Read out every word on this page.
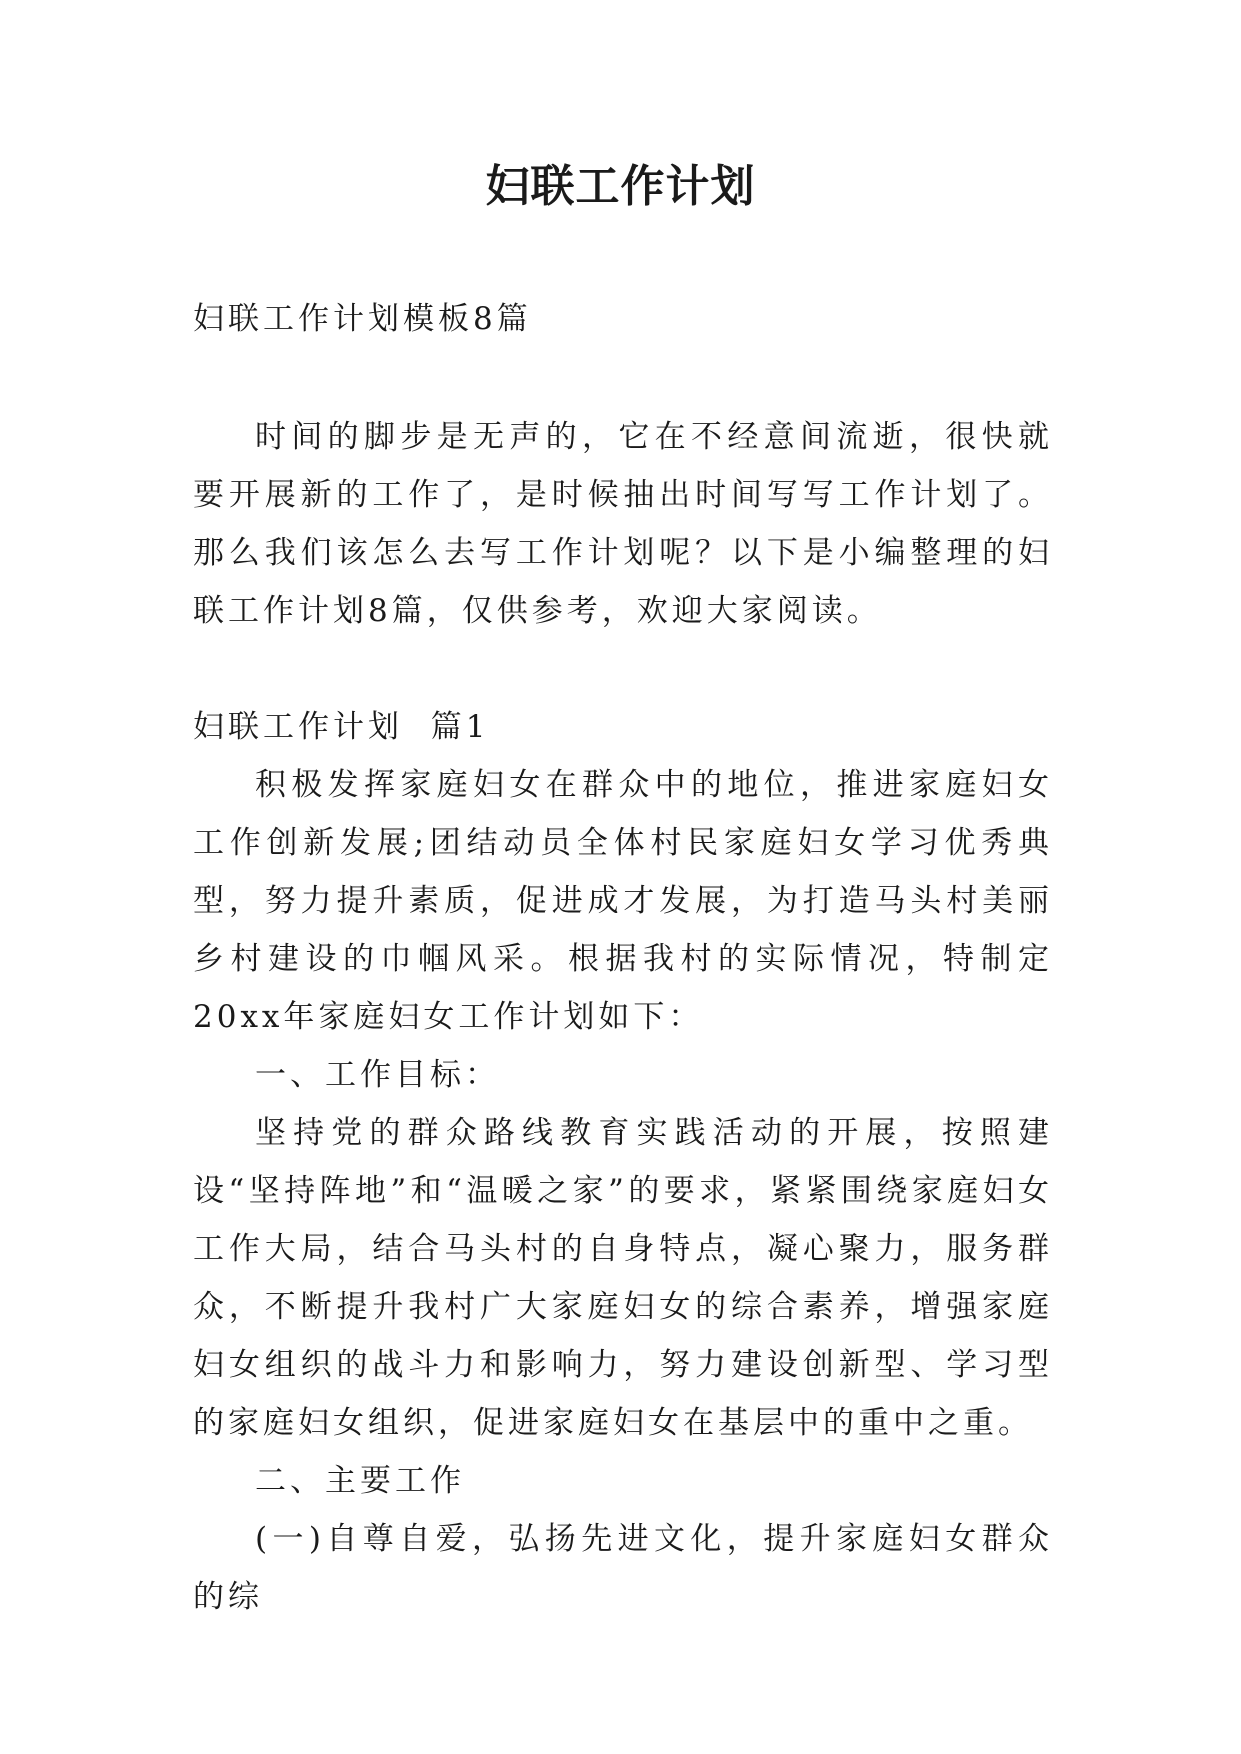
妇联工作计划

妇联工作计划模板8篇

时间的脚步是无声的，它在不经意间流逝，很快就要开展新的工作了，是时候抽出时间写写工作计划了。那么我们该怎么去写工作计划呢？以下是小编整理的妇联工作计划8篇，仅供参考，欢迎大家阅读。

妇联工作计划  篇1

积极发挥家庭妇女在群众中的地位，推进家庭妇女工作创新发展;团结动员全体村民家庭妇女学习优秀典型，努力提升素质，促进成才发展，为打造马头村美丽乡村建设的巾帼风采。根据我村的实际情况，特制定20xx年家庭妇女工作计划如下：

一、工作目标：

坚持党的群众路线教育实践活动的开展，按照建设“坚持阵地”和“温暖之家”的要求，紧紧围绕家庭妇女工作大局，结合马头村的自身特点，凝心聚力，服务群众，不断提升我村广大家庭妇女的综合素养，增强家庭妇女组织的战斗力和影响力，努力建设创新型、学习型的家庭妇女组织，促进家庭妇女在基层中的重中之重。

二、主要工作

(一)自尊自爱，弘扬先进文化，提升家庭妇女群众的综
